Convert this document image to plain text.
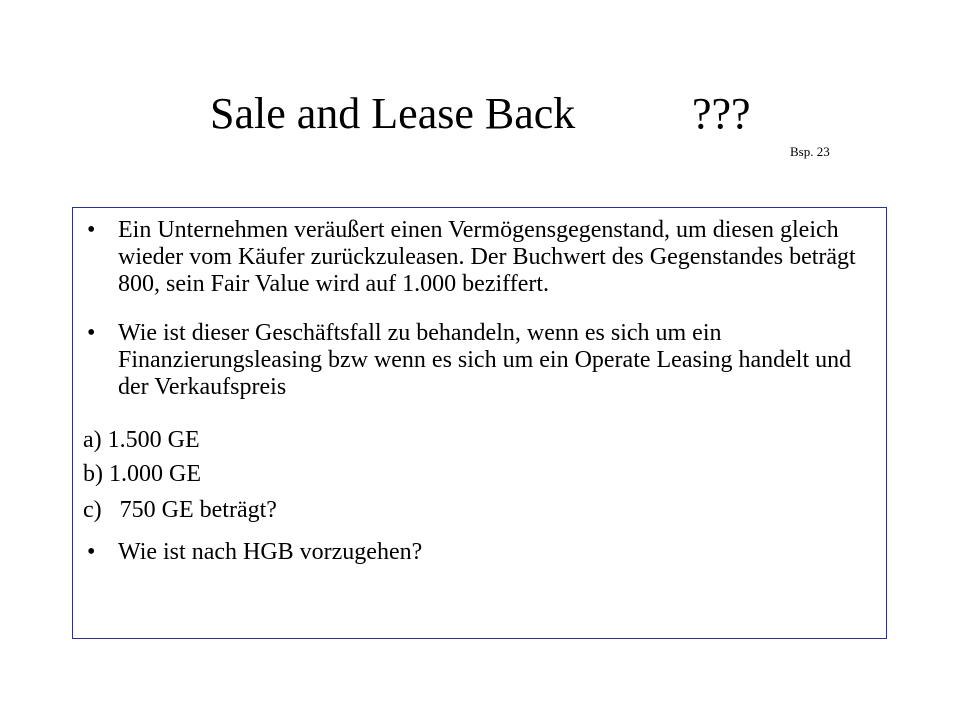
Sale and Lease Back	???
Bsp. 23
• Ein Unternehmen veräußert einen Vermögensgegenstand, um diesen gleich wieder vom Käufer zurückzuleasen. Der Buchwert des Gegenstandes beträgt 800, sein Fair Value wird auf 1.000 beziffert.
• Wie ist dieser Geschäftsfall zu behandeln, wenn es sich um ein Finanzierungsleasing bzw wenn es sich um ein Operate Leasing handelt und der Verkaufspreis
a) 1.500 GE
b) 1.000 GE
c)   750 GE beträgt?
• Wie ist nach HGB vorzugehen?
